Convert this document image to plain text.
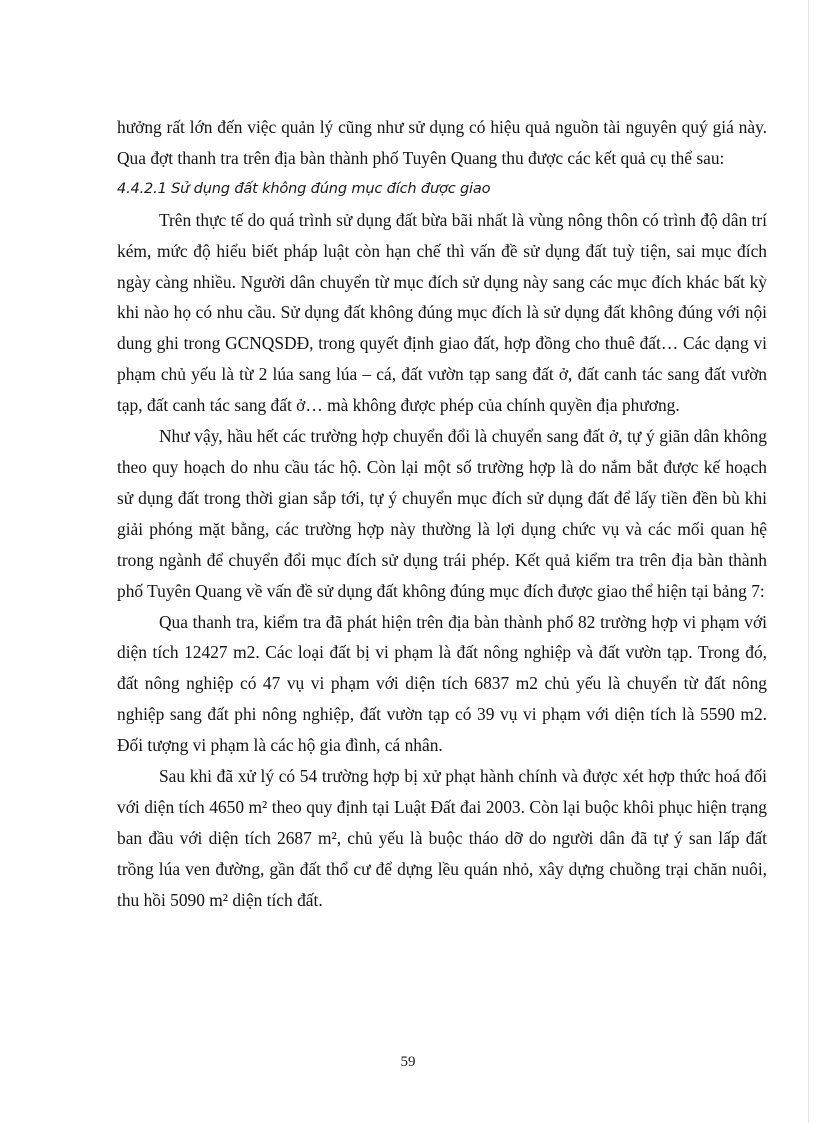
hưởng rất lớn đến việc quản lý cũng như sử dụng có hiệu quả nguồn tài nguyên quý giá này. Qua đợt thanh tra trên địa bàn thành phố Tuyên Quang thu được các kết quả cụ thể sau:

4.4.2.1 Sử dụng đất không đúng mục đích được giao

Trên thực tế do quá trình sử dụng đất bừa bãi nhất là vùng nông thôn có trình độ dân trí kém, mức độ hiểu biết pháp luật còn hạn chế thì vấn đề sử dụng đất tuỳ tiện, sai mục đích ngày càng nhiều. Người dân chuyển từ mục đích sử dụng này sang các mục đích khác bất kỳ khi nào họ có nhu cầu. Sử dụng đất không đúng mục đích là sử dụng đất không đúng với nội dung ghi trong GCNQSDĐ, trong quyết định giao đất, hợp đồng cho thuê đất… Các dạng vi phạm chủ yếu là từ 2 lúa sang lúa – cá, đất vườn tạp sang đất ở, đất canh tác sang đất vườn tạp, đất canh tác sang đất ở… mà không được phép của chính quyền địa phương.

Như vậy, hầu hết các trường hợp chuyển đổi là chuyển sang đất ở, tự ý giãn dân không theo quy hoạch do nhu cầu tác hộ. Còn lại một số trường hợp là do nắm bắt được kế hoạch sử dụng đất trong thời gian sắp tới, tự ý chuyển mục đích sử dụng đất để lấy tiền đền bù khi giải phóng mặt bằng, các trường hợp này thường là lợi dụng chức vụ và các mối quan hệ trong ngành để chuyển đổi mục đích sử dụng trái phép. Kết quả kiểm tra trên địa bàn thành phố Tuyên Quang về vấn đề sử dụng đất không đúng mục đích được giao thể hiện tại bảng 7:

Qua thanh tra, kiểm tra đã phát hiện trên địa bàn thành phố 82 trường hợp vi phạm với diện tích 12427 m2. Các loại đất bị vi phạm là đất nông nghiệp và đất vườn tạp. Trong đó, đất nông nghiệp có 47 vụ vi phạm với diện tích 6837 m2 chủ yếu là chuyển từ đất nông nghiệp sang đất phi nông nghiệp, đất vườn tạp có 39 vụ vi phạm với diện tích là 5590 m2. Đối tượng vi phạm là các hộ gia đình, cá nhân.

Sau khi đã xử lý có 54 trường hợp bị xử phạt hành chính và được xét hợp thức hoá đối với diện tích 4650 m² theo quy định tại Luật Đất đai 2003. Còn lại buộc khôi phục hiện trạng ban đầu với diện tích 2687 m², chủ yếu là buộc tháo dỡ do người dân đã tự ý san lấp đất trồng lúa ven đường, gần đất thổ cư để dựng lều quán nhỏ, xây dựng chuồng trại chăn nuôi, thu hồi 5090 m² diện tích đất.

59
